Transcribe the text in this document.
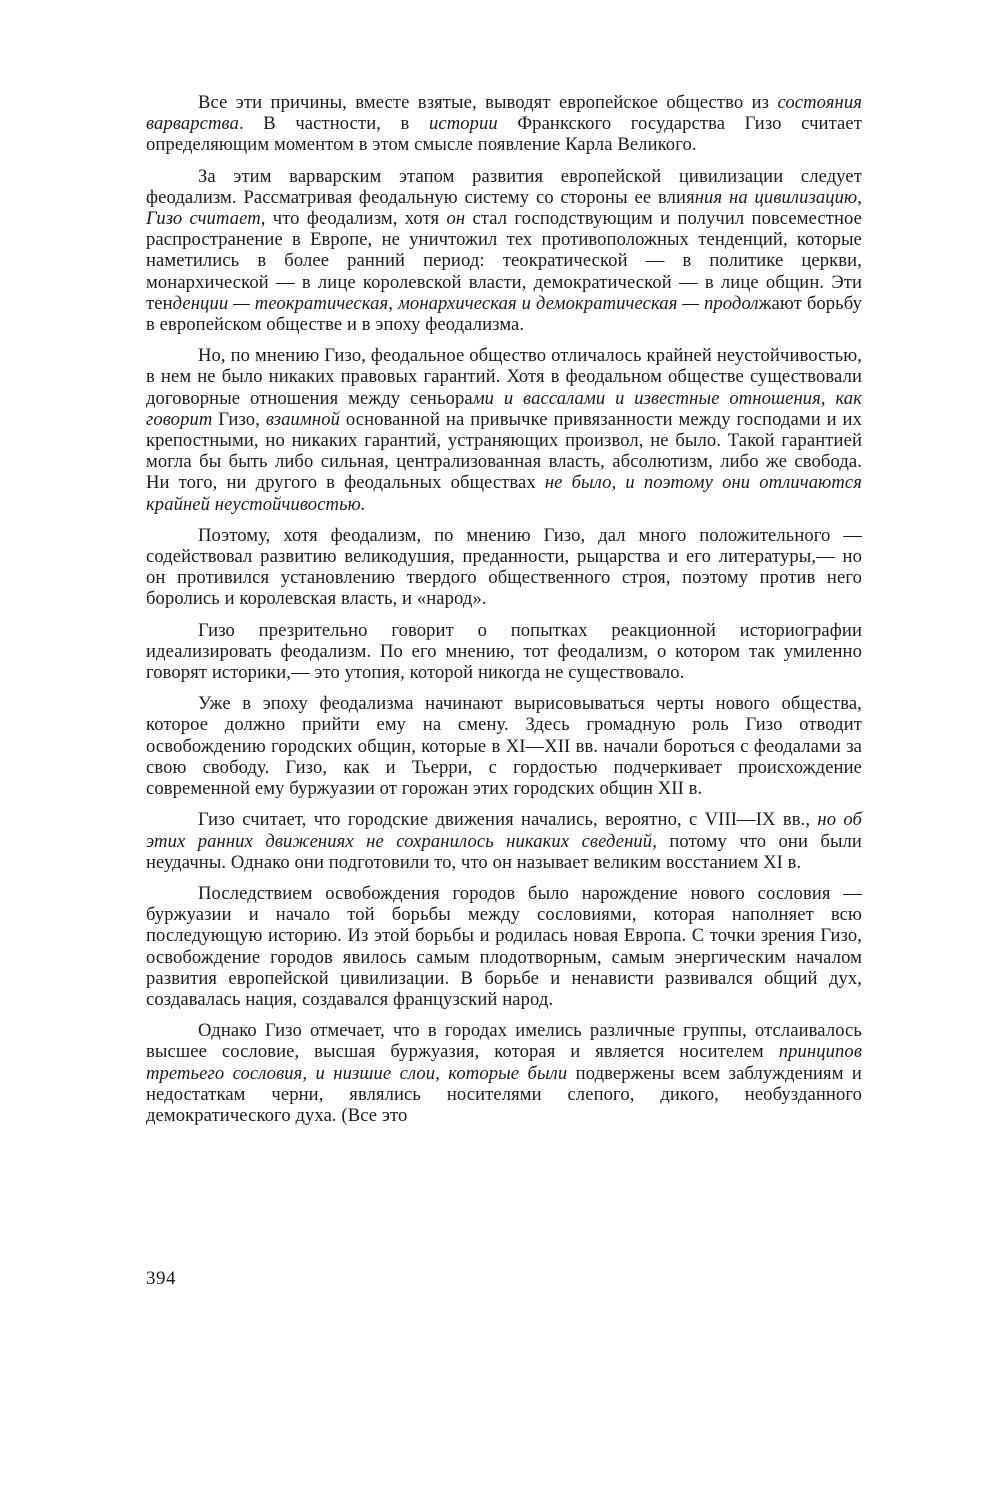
Все эти причины, вместе взятые, выводят европейское общество из состояния варварства. В частности, в истории Франкского государства Гизо считает определяющим моментом в этом смысле появление Карла Великого.

За этим варварским этапом развития европейской цивилизации следует феодализм. Рассматривая феодальную систему со стороны ее влияния на цивилизацию, Гизо считает, что феодализм, хотя он стал господствующим и получил повсеместное распространение в Европе, не уничтожил тех противоположных тенденций, которые наметились в более ранний период: теократической — в политике церкви, монархической — в лице королевской власти, демократической — в лице общин. Эти тенденции — теократическая, монархическая и демократическая — продолжают борьбу в европейском обществе и в эпоху феодализма.

Но, по мнению Гизо, феодальное общество отличалось крайней неустойчивостью, в нем не было никаких правовых гарантий. Хотя в феодальном обществе существовали договорные отношения между сеньорами и вассалами и известные отношения, как говорит Гизо, взаимной основанной на привычке привязанности между господами и их крепостными, но никаких гарантий, устраняющих произвол, не было. Такой гарантией могла бы быть либо сильная, централизованная власть, абсолютизм, либо же свобода. Ни того, ни другого в феодальных обществах не было, и поэтому они отличаются крайней неустойчивостью.

Поэтому, хотя феодализм, по мнению Гизо, дал много положительного — содействовал развитию великодушия, преданности, рыцарства и его литературы,— но он противился установлению твердого общественного строя, поэтому против него боролись и королевская власть, и «народ».

Гизо презрительно говорит о попытках реакционной историографии идеализировать феодализм. По его мнению, тот феодализм, о котором так умиленно говорят историки,— это утопия, которой никогда не существовало.

Уже в эпоху феодализма начинают вырисовываться черты нового общества, которое должно прийти ему на смену. Здесь громадную роль Гизо отводит освобождению городских общин, которые в XI—XII вв. начали бороться с феодалами за свою свободу. Гизо, как и Тьерри, с гордостью подчеркивает происхождение современной ему буржуазии от горожан этих городских общин XII в.

Гизо считает, что городские движения начались, вероятно, с VIII—IX вв., но об этих ранних движениях не сохранилось никаких сведений, потому что они были неудачны. Однако они подготовили то, что он называет великим восстанием XI в.

Последствием освобождения городов было нарождение нового сословия — буржуазии и начало той борьбы между сословиями, которая наполняет всю последующую историю. Из этой борьбы и родилась новая Европа. С точки зрения Гизо, освобождение городов явилось самым плодотворным, самым энергическим началом развития европейской цивилизации. В борьбе и ненависти развивался общий дух, создавалась нация, создавался французский народ.

Однако Гизо отмечает, что в городах имелись различные группы, отслаивалось высшее сословие, высшая буржуазия, которая и является носителем принципов третьего сословия, и низшие слои, которые были подвержены всем заблуждениям и недостаткам черни, являлись носителями слепого, дикого, необузданного демократического духа. (Все это

394
